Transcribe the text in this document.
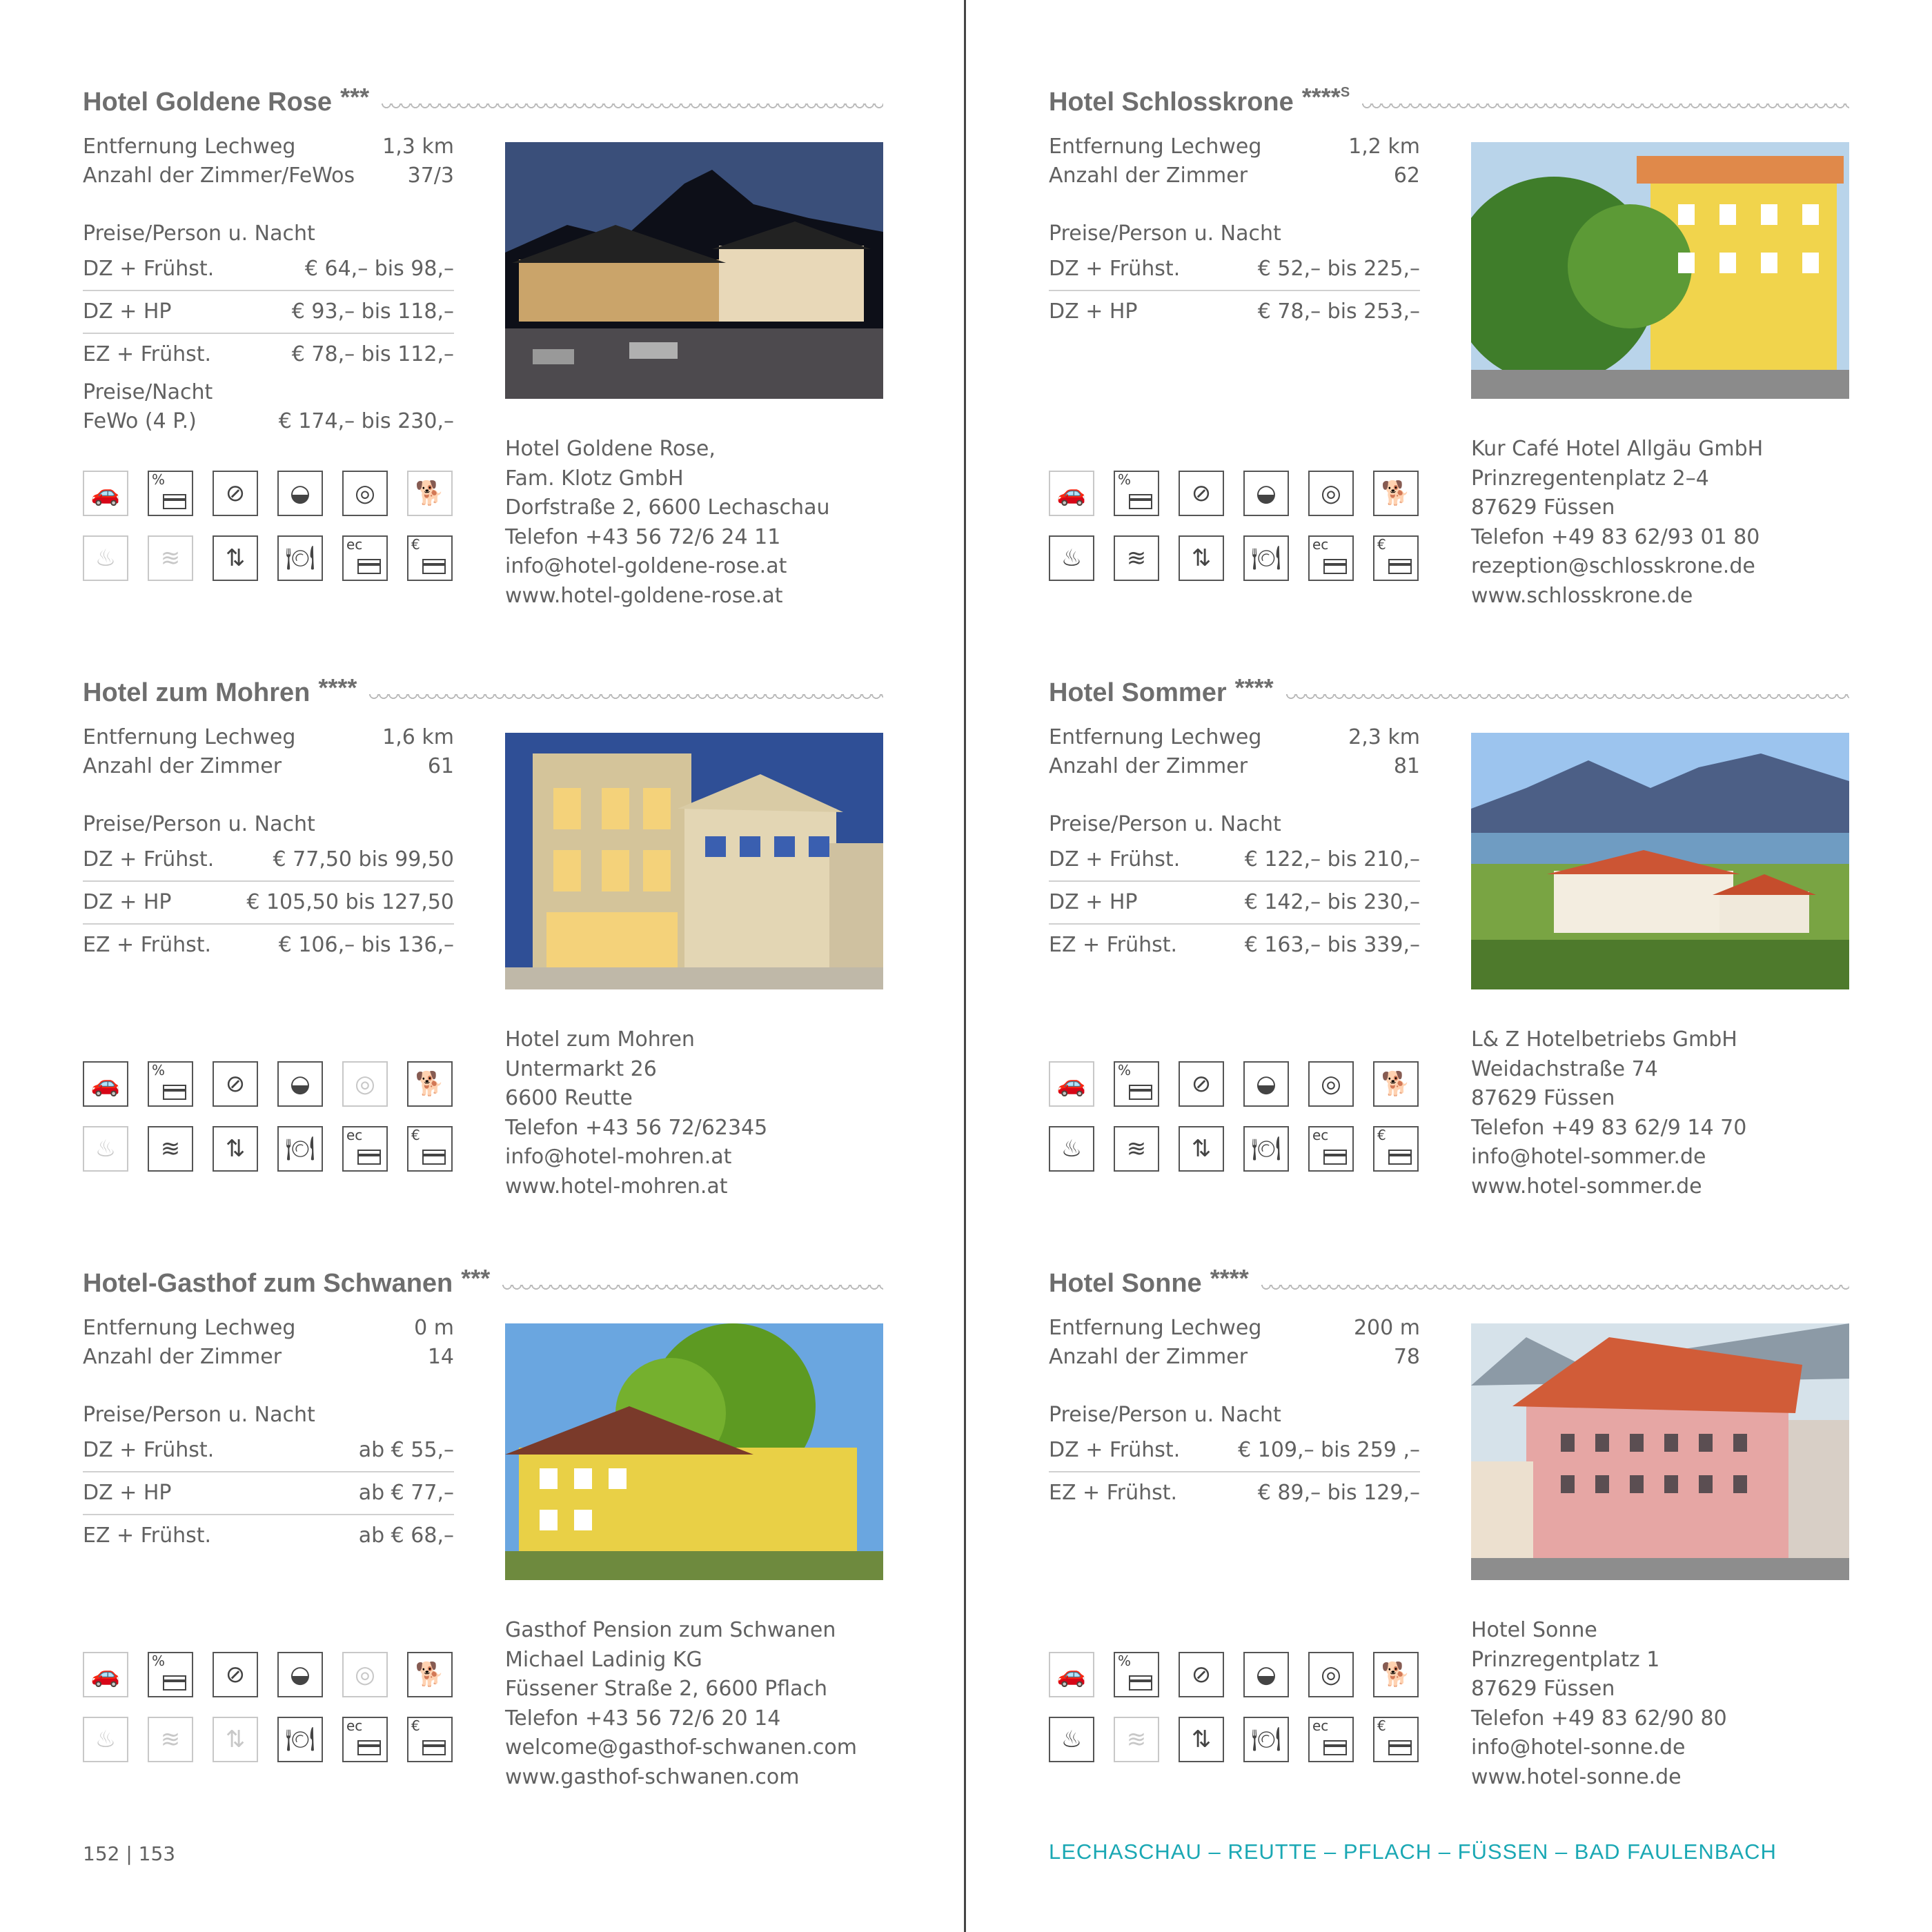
Hotel Goldene Rose ***
Entfernung Lechweg	1,3 km
Anzahl der Zimmer/FeWos	37/3
Preise/Person u. Nacht
DZ + Frühst.	€ 64,– bis 98,–
DZ + HP	€ 93,– bis 118,–
EZ + Frühst.	€ 78,– bis 112,–
Preise/Nacht
FeWo (4 P.)	€ 174,– bis 230,–
🚗 %	⊘ ◒ ◎ 🐕
♨ ≋ ⇅ 🍽 ec	€
Hotel Goldene Rose,
Fam. Klotz GmbH
Dorfstraße 2, 6600 Lechaschau
Telefon +43 56 72/6 24 11
info@hotel-goldene-rose.at
www.hotel-goldene-rose.at
Hotel Schlosskrone ****$^S$
Entfernung Lechweg	1,2 km
Anzahl der Zimmer	62
Preise/Person u. Nacht
DZ + Frühst.	€ 52,– bis 225,–
DZ + HP	€ 78,– bis 253,–
🚗 %	⊘ ◒ ◎ 🐕
♨ ≋ ⇅ 🍽 ec	€
Kur Café Hotel Allgäu GmbH
Prinzregentenplatz 2–4
87629 Füssen
Telefon +49 83 62/93 01 80
rezeption@schlosskrone.de
www.schlosskrone.de
Hotel zum Mohren ****
Entfernung Lechweg	1,6 km
Anzahl der Zimmer	61
Preise/Person u. Nacht
DZ + Frühst.	€ 77,50 bis 99,50
DZ + HP	€ 105,50 bis 127,50
EZ + Frühst.	€ 106,– bis 136,–
🚗 %	⊘ ◒ ◎ 🐕
♨ ≋ ⇅ 🍽 ec	€
Hotel zum Mohren
Untermarkt 26
6600 Reutte
Telefon +43 56 72/62345
info@hotel-mohren.at
www.hotel-mohren.at
Hotel Sommer ****
Entfernung Lechweg	2,3 km
Anzahl der Zimmer	81
Preise/Person u. Nacht
DZ + Frühst.	€ 122,– bis 210,–
DZ + HP	€ 142,– bis 230,–
EZ + Frühst.	€ 163,– bis 339,–
🚗 %	⊘ ◒ ◎ 🐕
♨ ≋ ⇅ 🍽 ec	€
L& Z Hotelbetriebs GmbH
Weidachstraße 74
87629 Füssen
Telefon +49 83 62/9 14 70
info@hotel-sommer.de
www.hotel-sommer.de
Hotel-Gasthof zum Schwanen ***
Entfernung Lechweg	0 m
Anzahl der Zimmer	14
Preise/Person u. Nacht
DZ + Frühst.	ab € 55,–
DZ + HP	ab € 77,–
EZ + Frühst.	ab € 68,–
🚗 %	⊘ ◒ ◎ 🐕
♨ ≋ ⇅ 🍽 ec	€
Gasthof Pension zum Schwanen
Michael Ladinig KG
Füssener Straße 2, 6600 Pflach
Telefon +43 56 72/6 20 14
welcome@gasthof-schwanen.com
www.gasthof-schwanen.com
Hotel Sonne ****
Entfernung Lechweg	200 m
Anzahl der Zimmer	78
Preise/Person u. Nacht
DZ + Frühst.	€ 109,– bis 259 ,–
EZ + Frühst.	€ 89,– bis 129,–
🚗 %	⊘ ◒ ◎ 🐕
♨ ≋ ⇅ 🍽 ec	€
Hotel Sonne
Prinzregentplatz 1
87629 Füssen
Telefon +49 83 62/90 80
info@hotel-sonne.de
www.hotel-sonne.de
152 | 153	LECHASCHAU – REUTTE – PFLACH – FÜSSEN – BAD FAULENBACH
